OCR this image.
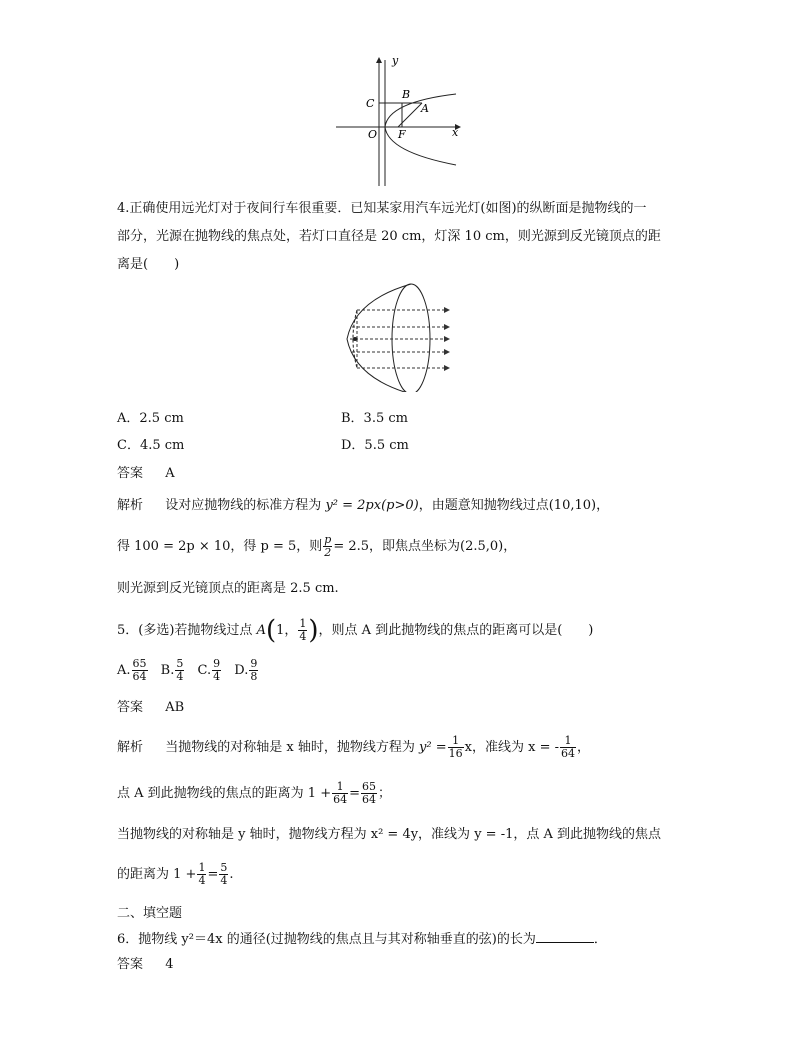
y
x
O
C
B
A
F
4.正确使用远光灯对于夜间行车很重要．已知某家用汽车远光灯(如图)的纵断面是抛物线的一
部分，光源在抛物线的焦点处，若灯口直径是 20 cm，灯深 10 cm，则光源到反光镜顶点的距
离是(　　)
A．2.5 cm	B．3.5 cm
C．4.5 cm	D．5.5 cm
答案 A
解析 设对应抛物线的标准方程为 y² = 2px(p>0)，由题意知抛物线过点(10,10)，
得 100 = 2p × 10，得 p = 5，则 $\frac{p}{2} = 2.5$，即焦点坐标为(2.5,0)，
则光源到反光镜顶点的距离是 2.5 cm.
5．(多选)若抛物线过点 A(1， $\frac{1}{4}$ )，则点 A 到此抛物线的焦点的距离可以是(　　)
A. $\frac{65}{64} B$. $\frac{5}{4} C$. $\frac{9}{4} D$. $\frac{9}{8}$
答案 AB
解析 当抛物线的对称轴是 x 轴时，抛物线方程为 $y^2 = \frac{1}{16}$ x，准线为 x = - $\frac{1}{64}$ ，
点 A 到此抛物线的焦点的距离为 $1 + \frac{1}{64} = \frac{65}{64}$ ；
当抛物线的对称轴是 y 轴时，抛物线方程为 x² = 4y，准线为 y = -1，点 A 到此抛物线的焦点
的距离为 $1 + \frac{1}{4} = \frac{5}{4}$ .
二、填空题
6．抛物线 y²＝4x 的通径(过抛物线的焦点且与其对称轴垂直的弦)的长为	．
答案 4
